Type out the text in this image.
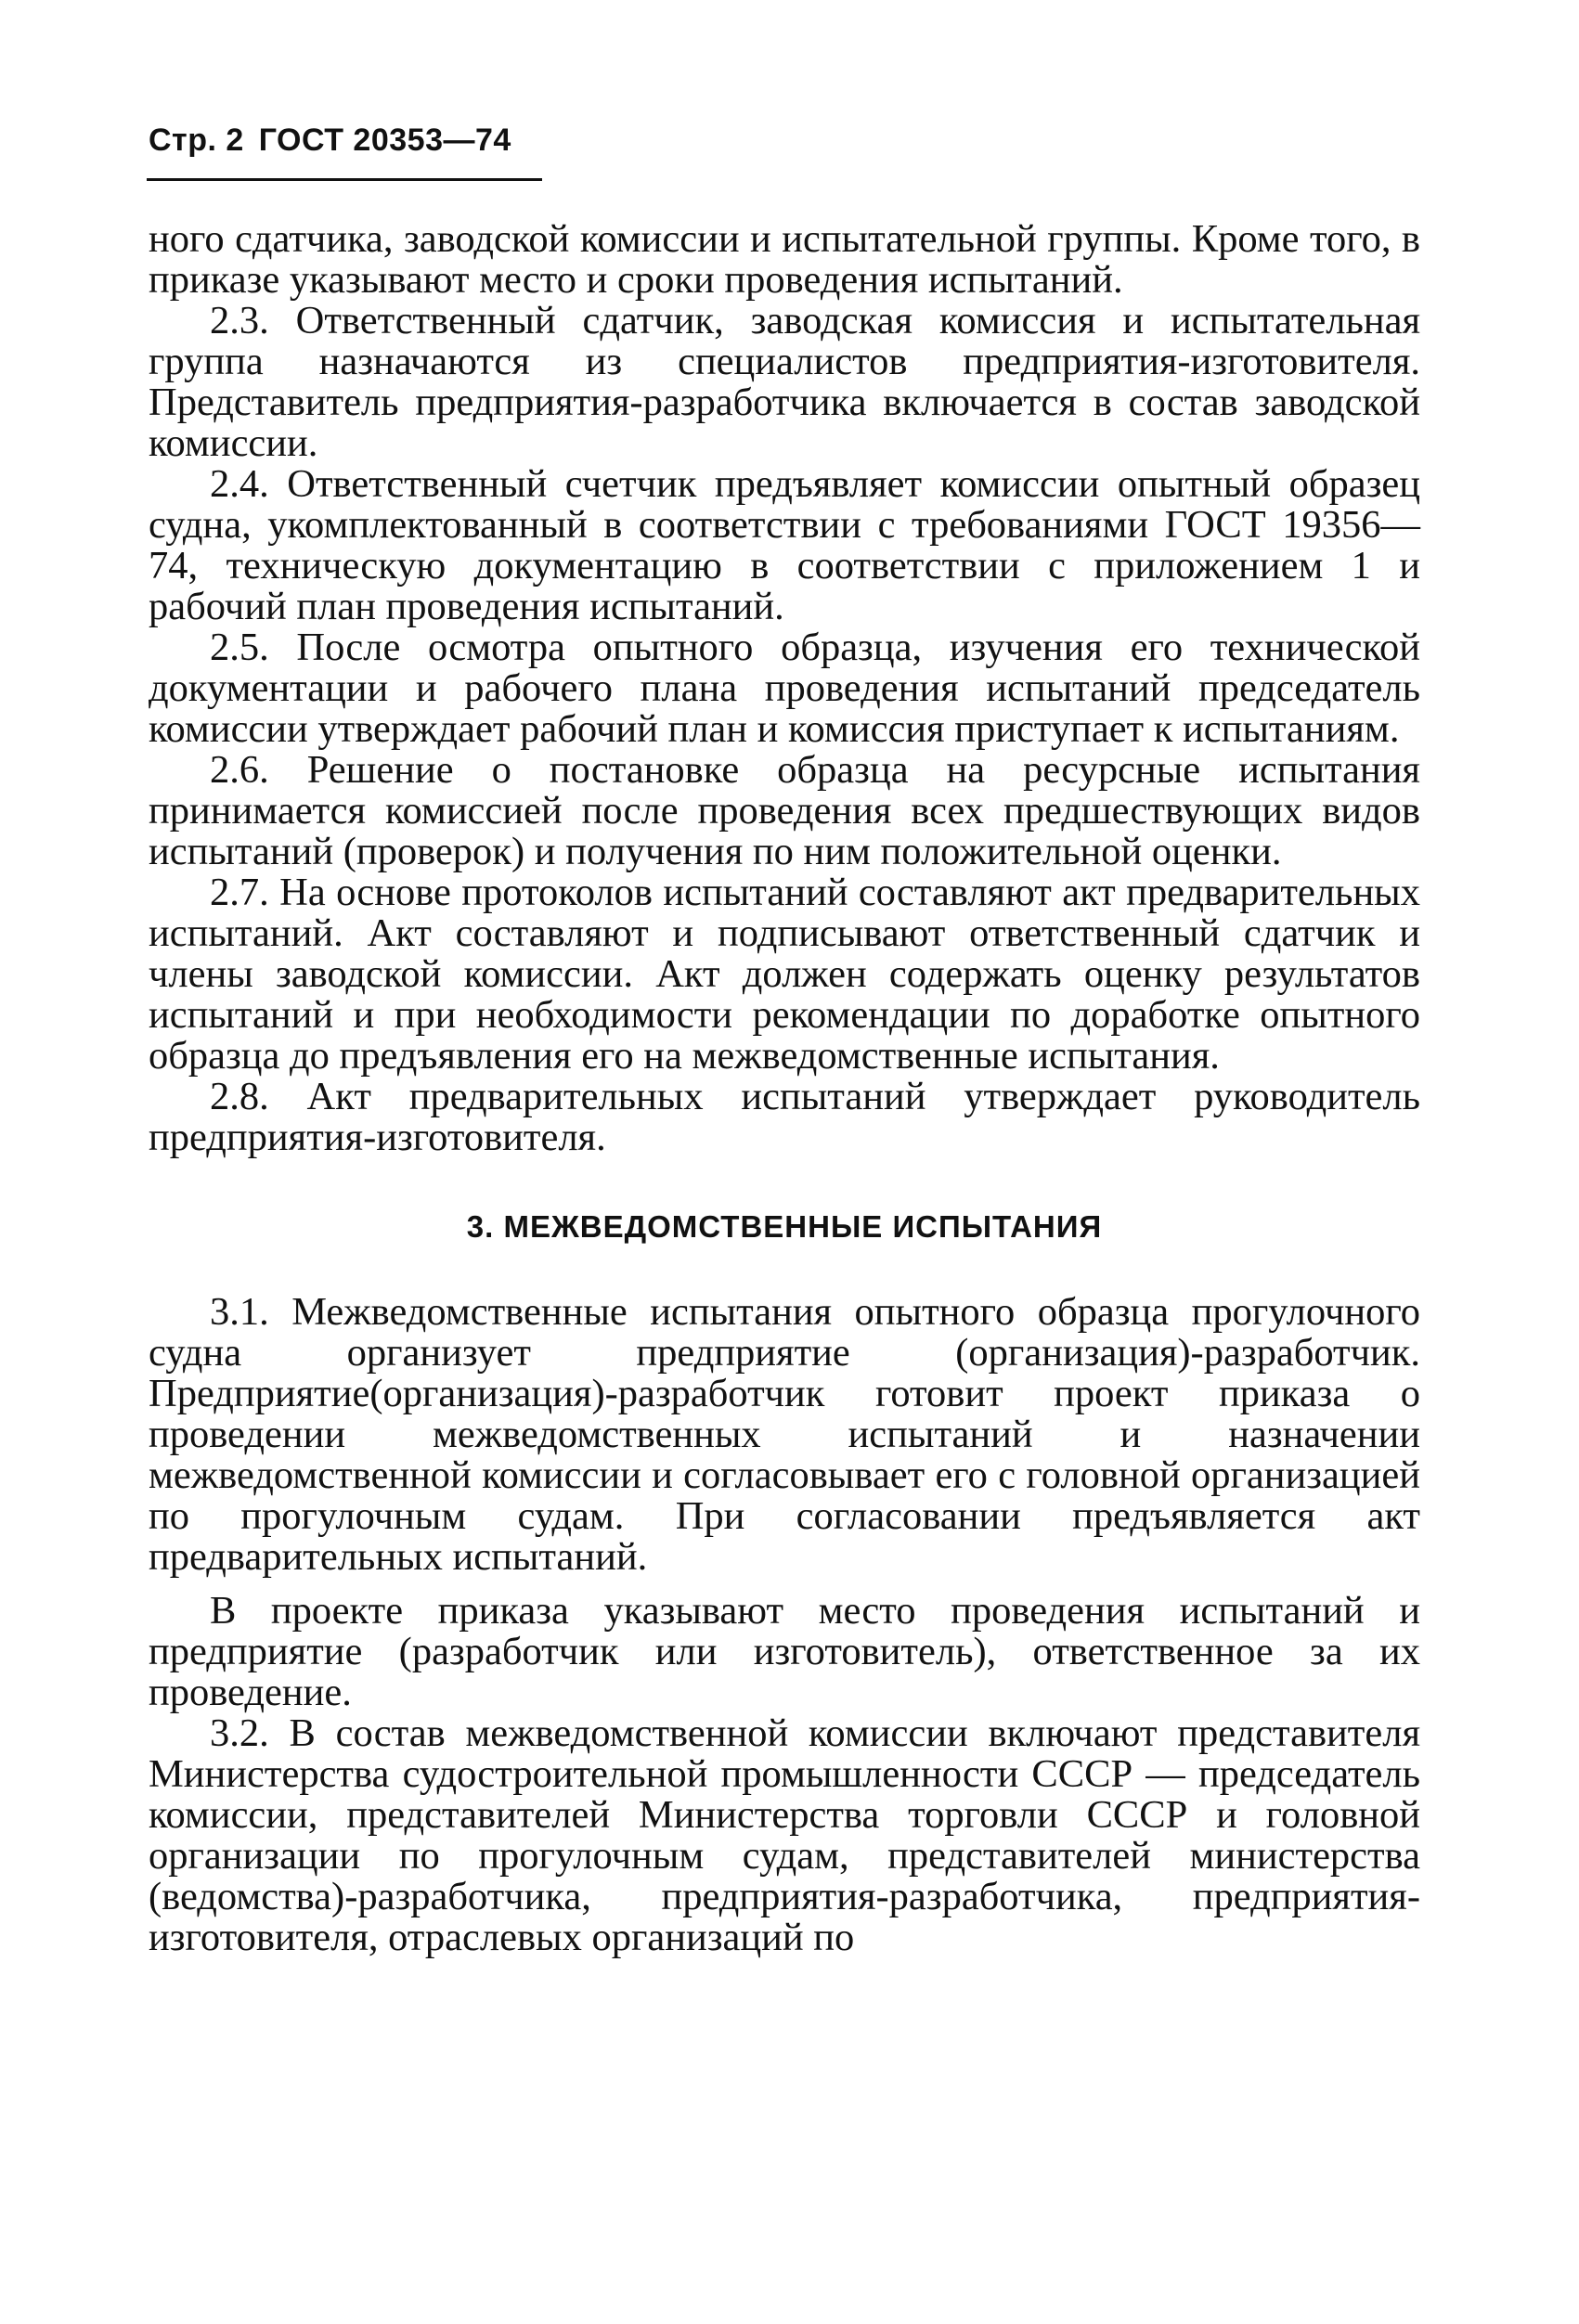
Стр. 2 ГОСТ 20353—74

ного сдатчика, заводской комиссии и испытательной группы. Кроме того, в приказе указывают место и сроки проведения испытаний.

2.3. Ответственный сдатчик, заводская комиссия и испытательная группа назначаются из специалистов предприятия-изготовителя. Представитель предприятия-разработчика включается в состав заводской комиссии.

2.4. Ответственный счетчик предъявляет комиссии опытный образец судна, укомплектованный в соответствии с требованиями ГОСТ 19356—74, техническую документацию в соответствии с приложением 1 и рабочий план проведения испытаний.

2.5. После осмотра опытного образца, изучения его технической документации и рабочего плана проведения испытаний председатель комиссии утверждает рабочий план и комиссия приступает к испытаниям.

2.6. Решение о постановке образца на ресурсные испытания принимается комиссией после проведения всех предшествующих видов испытаний (проверок) и получения по ним положительной оценки.

2.7. На основе протоколов испытаний составляют акт предварительных испытаний. Акт составляют и подписывают ответственный сдатчик и члены заводской комиссии. Акт должен содержать оценку результатов испытаний и при необходимости рекомендации по доработке опытного образца до предъявления его на межведомственные испытания.

2.8. Акт предварительных испытаний утверждает руководитель предприятия-изготовителя.

3. МЕЖВЕДОМСТВЕННЫЕ ИСПЫТАНИЯ

3.1. Межведомственные испытания опытного образца прогулочного судна организует предприятие (организация)-разработчик. Предприятие(организация)-разработчик готовит проект приказа о проведении межведомственных испытаний и назначении межведомственной комиссии и согласовывает его с головной организацией по прогулочным судам. При согласовании предъявляется акт предварительных испытаний.

В проекте приказа указывают место проведения испытаний и предприятие (разработчик или изготовитель), ответственное за их проведение.

3.2. В состав межведомственной комиссии включают представителя Министерства судостроительной промышленности СССР — председатель комиссии, представителей Министерства торговли СССР и головной организации по прогулочным судам, представителей министерства (ведомства)-разработчика, предприятия-разработчика, предприятия-изготовителя, отраслевых организаций по
